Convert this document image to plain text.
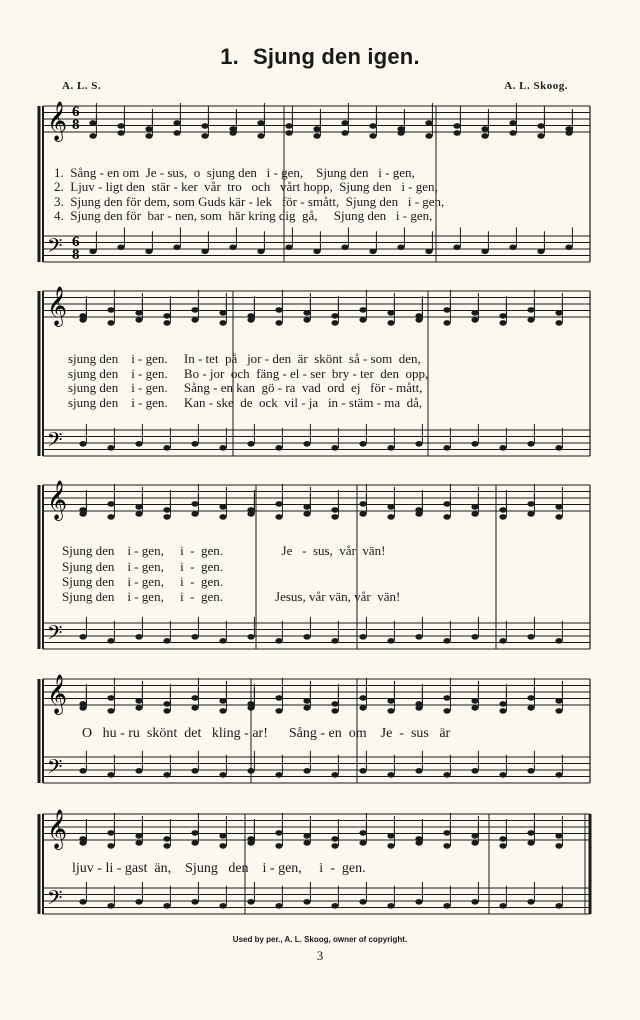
1. Sjung den igen.
A. L. S.	A. L. Skoog.
𝄞
𝄢
𝄞
𝄢
𝄞
𝄢
𝄞
𝄢
𝄞
𝄢
6
6
8
8
1.  Sång - en om  Je - sus,  o  sjung den   i - gen,    Sjung den   i - gen,
2.  Ljuv - ligt den  stär - ker  vår  tro   och   vårt hopp,  Sjung den   i - gen,
3.  Sjung den för dem, som Guds kär - lek   för - smått,  Sjung den   i - gen,
4.  Sjung den för  bar - nen, som  här kring dig  gå,     Sjung den   i - gen,
sjung den    i - gen.     In - tet  på   jor - den  är  skönt  så - som  den,
sjung den    i - gen.     Bo - jor  och  fäng - el - ser  bry - ter  den  opp,
sjung den    i - gen.     Sång - en kan  gö - ra  vad  ord  ej   för - mått,
sjung den    i - gen.     Kan - ske  de  ock  vil - ja   in - stäm - ma  då,
Sjung den    i - gen,     i  -  gen.                  Je   -  sus,  vår  vän!
Sjung den    i - gen,     i  -  gen.
Sjung den    i - gen,     i  -  gen.
Sjung den    i - gen,     i  -  gen.                Jesus, vår vän, vår  vän!
O   hu - ru  skönt  det   kling - ar!      Sång - en  om    Je  -  sus   är
ljuv - li - gast  än,    Sjung   den    i - gen,     i  -  gen.
Used by per., A. L. Skoog, owner of copyright.
3
